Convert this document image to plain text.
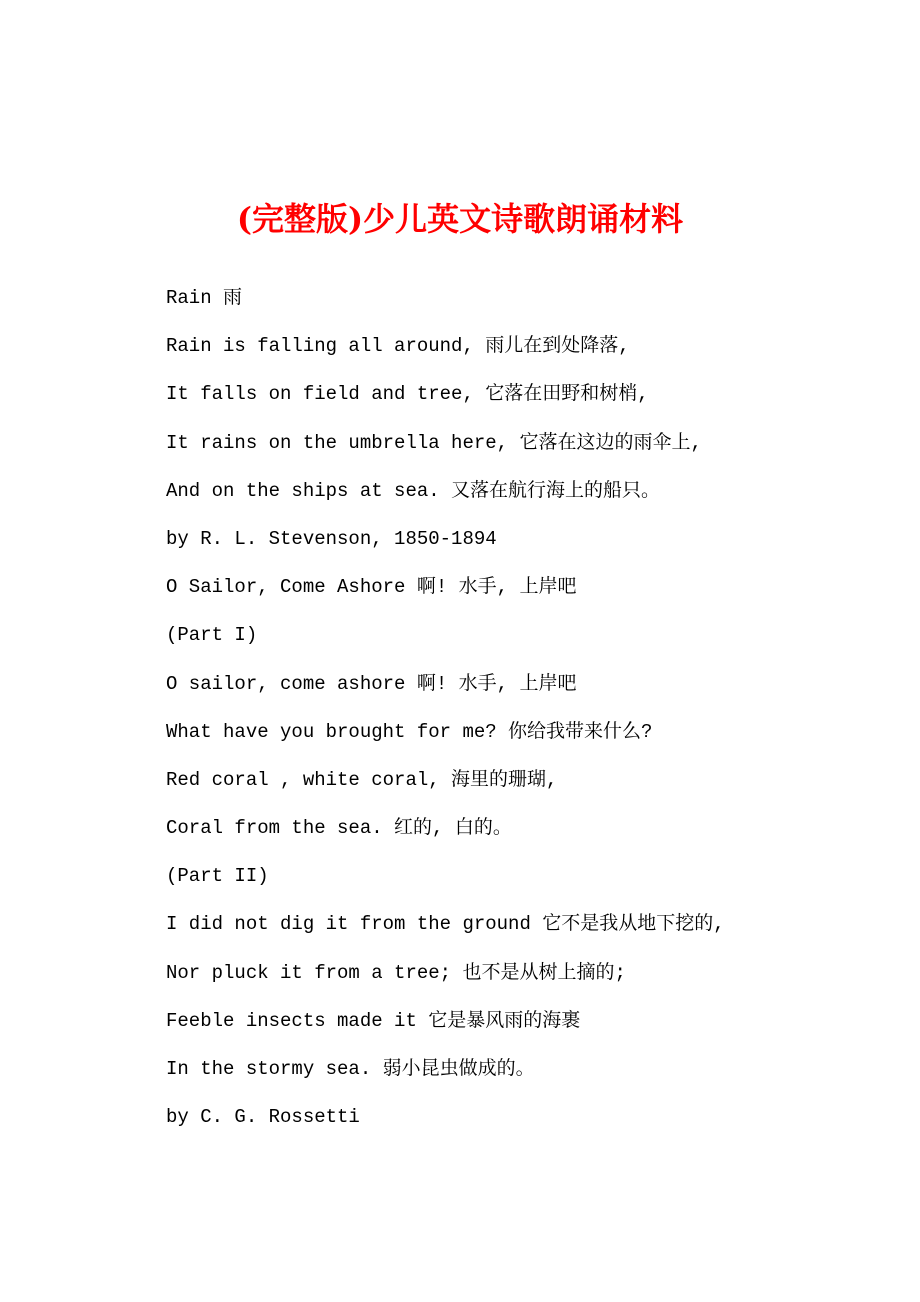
(完整版)少儿英文诗歌朗诵材料
Rain 雨
Rain is falling all around, 雨儿在到处降落,
It falls on field and tree, 它落在田野和树梢,
It rains on the umbrella here, 它落在这边的雨伞上,
And on the ships at sea. 又落在航行海上的船只。
by R. L. Stevenson, 1850-1894
O Sailor, Come Ashore 啊! 水手, 上岸吧
(Part I)
O sailor, come ashore 啊! 水手, 上岸吧
What have you brought for me? 你给我带来什么?
Red coral , white coral, 海里的珊瑚,
Coral from the sea. 红的, 白的。
(Part II)
I did not dig it from the ground 它不是我从地下挖的,
Nor pluck it from a tree; 也不是从树上摘的;
Feeble insects made it 它是暴风雨的海裹
In the stormy sea. 弱小昆虫做成的。
by C. G. Rossetti
